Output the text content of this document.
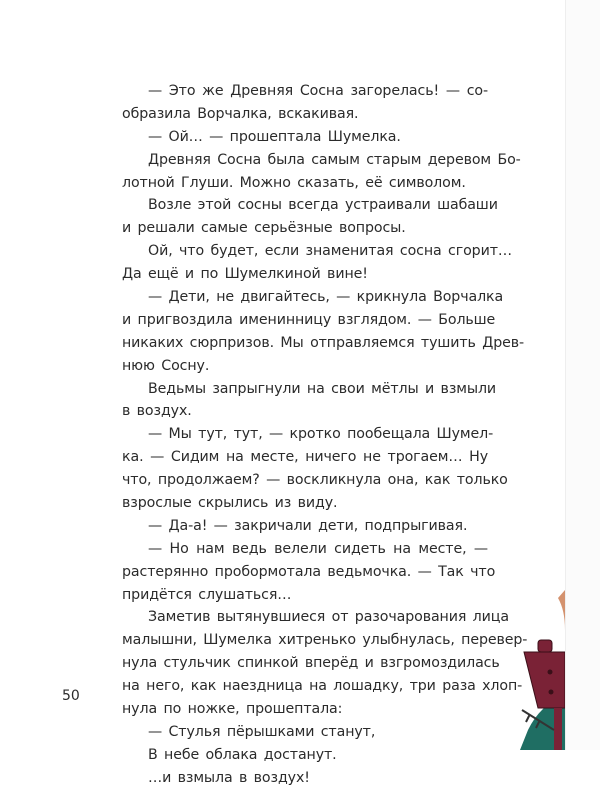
— Это же Древняя Сосна загорелась! — со-
образила Ворчалка, вскакивая.
— Ой… — прошептала Шумелка.
Древняя Сосна была самым старым деревом Бо-
лотной Глуши. Можно сказать, её символом.
Возле этой сосны всегда устраивали шабаши
и решали самые серьёзные вопросы.
Ой, что будет, если знаменитая сосна сгорит…
Да ещё и по Шумелкиной вине!
— Дети, не двигайтесь, — крикнула Ворчалка
и пригвоздила именинницу взглядом. — Больше
никаких сюрпризов. Мы отправляемся тушить Древ-
нюю Сосну.
Ведьмы запрыгнули на свои мётлы и взмыли
в воздух.
— Мы тут, тут, — кротко пообещала Шумел-
ка. — Сидим на месте, ничего не трогаем… Ну
что, продолжаем? — воскликнула она, как только
взрослые скрылись из виду.
— Да-а! — закричали дети, подпрыгивая.
— Но нам ведь велели сидеть на месте, —
растерянно пробормотала ведьмочка. — Так что
придётся слушаться…
Заметив вытянувшиеся от разочарования лица
малышни, Шумелка хитренько улыбнулась, перевер-
нула стульчик спинкой вперёд и взгромоздилась
на него, как наездница на лошадку, три раза хлоп-
нула по ножке, прошептала:
— Стулья пёрышками станут,
В небе облака достанут.
…и взмыла в воздух!
50
